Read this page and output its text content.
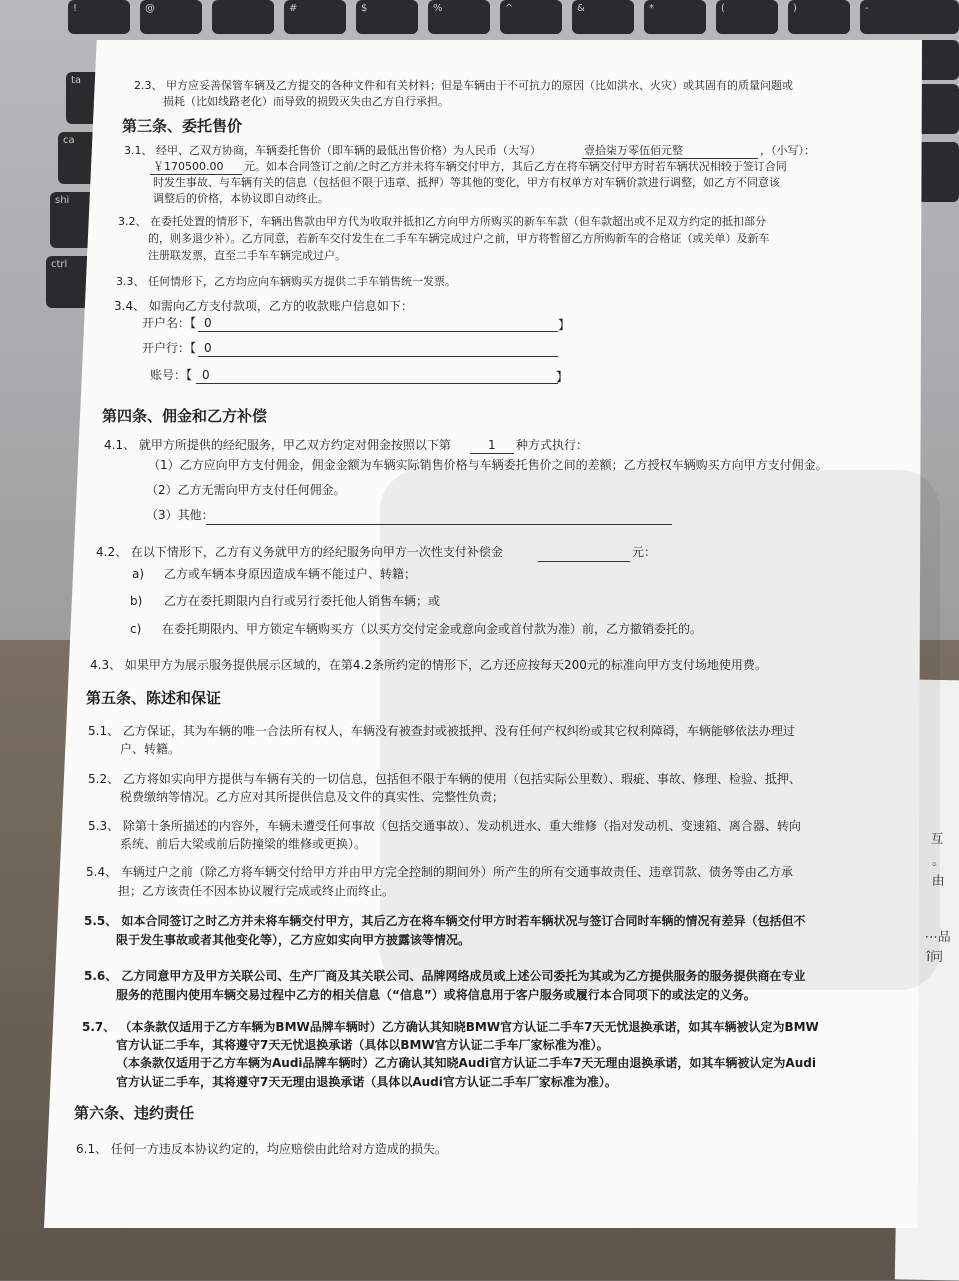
!	@	#	$	%	^	&	*	(	)	-
ta
ca
shi
ctrl

互
。
由
⋯品
î问
2.3、 甲方应妥善保管车辆及乙方提交的各种文件和有关材料；但是车辆由于不可抗力的原因（比如洪水、火灾）或其固有的质量问题或
损耗（比如线路老化）而导致的损毁灭失由乙方自行承担。
第三条、委托售价
3.1、 经甲、乙双方协商，车辆委托售价（即车辆的最低出售价格）为人民币（大写）	壹拾柒万零伍佰元整	，（小写）：
￥170500.00 元。如本合同签订之前/之时乙方并未将车辆交付甲方，其后乙方在将车辆交付甲方时若车辆状况相较于签订合同
时发生事故、与车辆有关的信息（包括但不限于违章、抵押）等其他的变化，甲方有权单方对车辆价款进行调整，如乙方不同意该
调整后的价格，本协议即自动终止。
3.2、 在委托处置的情形下，车辆出售款由甲方代为收取并抵扣乙方向甲方所购买的新车车款（但车款超出或不足双方约定的抵扣部分
的，则多退少补）。乙方同意，若新车交付发生在二手车车辆完成过户之前，甲方将暂留乙方所购新车的合格证（或关单）及新车
注册联发票，直至二手车车辆完成过户。
3.3、 任何情形下，乙方均应向车辆购买方提供二手车销售统一发票。
3.4、 如需向乙方支付款项，乙方的收款账户信息如下：
开户名：【 0	】
开户行：【 0
账号：【 0	】
第四条、佣金和乙方补偿
4.1、 就甲方所提供的经纪服务，甲乙双方约定对佣金按照以下第	1 种方式执行：
（1）乙方应向甲方支付佣金，佣金金额为车辆实际销售价格与车辆委托售价之间的差额；乙方授权车辆购买方向甲方支付佣金。
（2）乙方无需向甲方支付任何佣金。
（3）其他：
4.2、 在以下情形下，乙方有义务就甲方的经纪服务向甲方一次性支付补偿金	元：
a) 乙方或车辆本身原因造成车辆不能过户、转籍；
b) 乙方在委托期限内自行或另行委托他人销售车辆；或
c) 在委托期限内、甲方锁定车辆购买方（以买方交付定金或意向金或首付款为准）前，乙方撤销委托的。
4.3、 如果甲方为展示服务提供展示区域的，在第4.2条所约定的情形下，乙方还应按每天200元的标准向甲方支付场地使用费。
第五条、陈述和保证
5.1、 乙方保证，其为车辆的唯一合法所有权人，车辆没有被查封或被抵押、没有任何产权纠纷或其它权利障碍，车辆能够依法办理过
户、转籍。
5.2、 乙方将如实向甲方提供与车辆有关的一切信息，包括但不限于车辆的使用（包括实际公里数）、瑕疵、事故、修理、检验、抵押、
税费缴纳等情况。乙方应对其所提供信息及文件的真实性、完整性负责；
5.3、 除第十条所描述的内容外，车辆未遭受任何事故（包括交通事故）、发动机进水、重大维修（指对发动机、变速箱、离合器、转向
系统、前后大梁或前后防撞梁的维修或更换）。
5.4、 车辆过户之前（除乙方将车辆交付给甲方并由甲方完全控制的期间外）所产生的所有交通事故责任、违章罚款、债务等由乙方承
担；乙方该责任不因本协议履行完成或终止而终止。
5.5、 如本合同签订之时乙方并未将车辆交付甲方，其后乙方在将车辆交付甲方时若车辆状况与签订合同时车辆的情况有差异（包括但不
限于发生事故或者其他变化等），乙方应如实向甲方披露该等情况。
5.6、 乙方同意甲方及甲方关联公司、生产厂商及其关联公司、品牌网络成员或上述公司委托为其或为乙方提供服务的服务提供商在专业
服务的范围内使用车辆交易过程中乙方的相关信息（“信息”）或将信息用于客户服务或履行本合同项下的或法定的义务。
5.7、 （本条款仅适用于乙方车辆为BMW品牌车辆时）乙方确认其知晓BMW官方认证二手车7天无忧退换承诺，如其车辆被认定为BMW
官方认证二手车，其将遵守7天无忧退换承诺（具体以BMW官方认证二手车厂家标准为准）。
（本条款仅适用于乙方车辆为Audi品牌车辆时）乙方确认其知晓Audi官方认证二手车7天无理由退换承诺，如其车辆被认定为Audi
官方认证二手车，其将遵守7天无理由退换承诺（具体以Audi官方认证二手车厂家标准为准）。
第六条、违约责任
6.1、 任何一方违反本协议约定的，均应赔偿由此给对方造成的损失。
